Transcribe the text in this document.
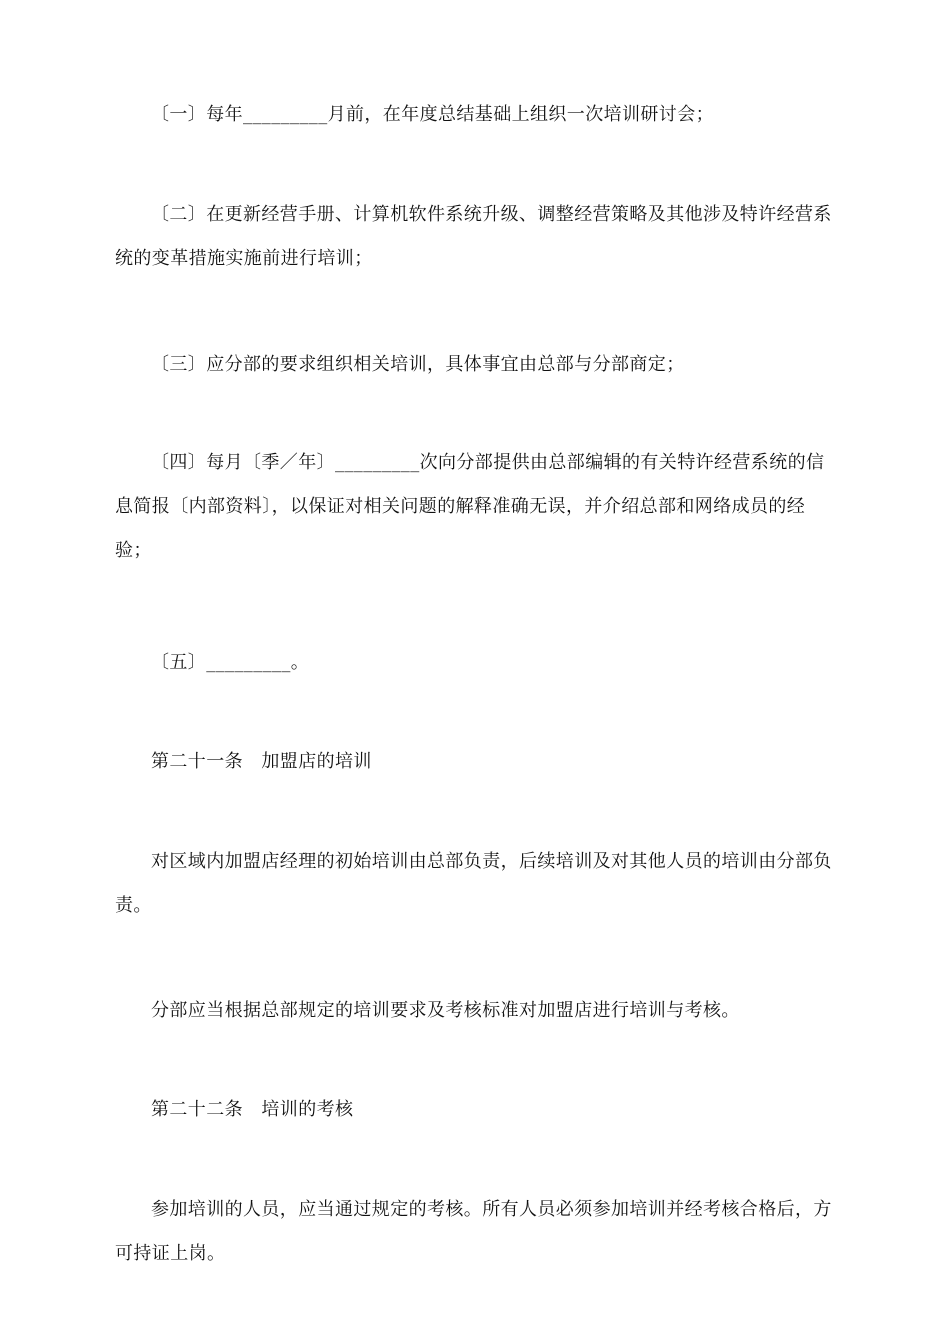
〔一〕每年_________月前，在年度总结基础上组织一次培训研讨会；

〔二〕在更新经营手册、计算机软件系统升级、调整经营策略及其他涉及特许经营系统的变革措施实施前进行培训；

〔三〕应分部的要求组织相关培训，具体事宜由总部与分部商定；

〔四〕每月〔季／年〕_________次向分部提供由总部编辑的有关特许经营系统的信息简报〔内部资料〕，以保证对相关问题的解释准确无误，并介绍总部和网络成员的经验；

〔五〕_________。

第二十一条　加盟店的培训

对区域内加盟店经理的初始培训由总部负责，后续培训及对其他人员的培训由分部负责。

分部应当根据总部规定的培训要求及考核标准对加盟店进行培训与考核。

第二十二条　培训的考核

参加培训的人员，应当通过规定的考核。所有人员必须参加培训并经考核合格后，方可持证上岗。
